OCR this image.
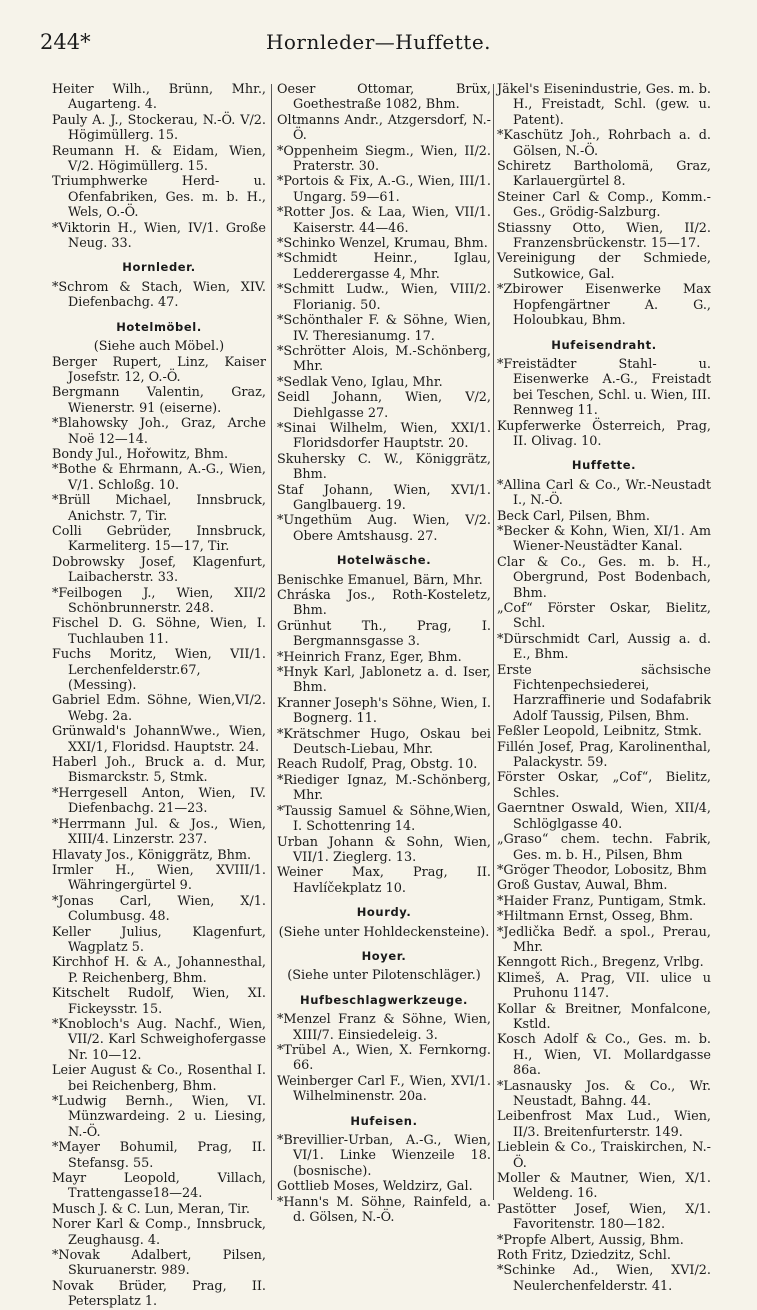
244*	Hornleder—Huffette.
Heiter Wilh., Brünn, Mhr., Augarteng. 4.
Pauly A. J., Stockerau, N.-Ö. V/2. Högimüllerg. 15.
Reumann H. & Eidam, Wien, V/2. Högimüllerg. 15.
Triumphwerke Herd- u. Ofenfabriken, Ges. m. b. H., Wels, O.-Ö.
*Viktorin H., Wien, IV/1. Große Neug. 33.
Hornleder.
*Schrom & Stach, Wien, XIV. Diefenbachg. 47.
Hotelmöbel.
(Siehe auch Möbel.)
Berger Rupert, Linz, Kaiser Josefstr. 12, O.-Ö.
Bergmann Valentin, Graz, Wienerstr. 91 (eiserne).
*Blahowsky Joh., Graz, Arche Noë 12—14.
Bondy Jul., Hořowitz, Bhm.
*Bothe & Ehrmann, A.-G., Wien, V/1. Schloßg. 10.
*Brüll Michael, Innsbruck, Anichstr. 7, Tir.
Colli Gebrüder, Innsbruck, Karmeliterg. 15—17, Tir.
Dobrowsky Josef, Klagenfurt, Laibacherstr. 33.
*Feilbogen J., Wien, XII/2 Schönbrunnerstr. 248.
Fischel D. G. Söhne, Wien, I. Tuchlauben 11.
Fuchs Moritz, Wien, VII/1. Lerchenfelderstr.67,(Messing).
Gabriel Edm. Söhne, Wien,VI/2. Webg. 2a.
Grünwald's JohannWwe., Wien, XXI/1, Floridsd. Hauptstr. 24.
Haberl Joh., Bruck a. d. Mur, Bismarckstr. 5, Stmk.
*Herrgesell Anton, Wien, IV. Diefenbachg. 21—23.
*Herrmann Jul. & Jos., Wien, XIII/4. Linzerstr. 237.
Hlavaty Jos., Königgrätz, Bhm.
Irmler H., Wien, XVIII/1. Währingergürtel 9.
*Jonas Carl, Wien, X/1. Columbusg. 48.
Keller Julius, Klagenfurt, Wagplatz 5.
Kirchhof H. & A., Johannesthal, P. Reichenberg, Bhm.
Kitschelt Rudolf, Wien, XI. Fickeysstr. 15.
*Knobloch's Aug. Nachf., Wien, VII/2. Karl Schweighofergasse Nr. 10—12.
Leier August & Co., Rosenthal I. bei Reichenberg, Bhm.
*Ludwig Bernh., Wien, VI. Münzwardeing. 2 u. Liesing, N.-Ö.
*Mayer Bohumil, Prag, II. Stefansg. 55.
Mayr Leopold, Villach, Trattengasse18—24.
Musch J. & C. Lun, Meran, Tir.
Norer Karl & Comp., Innsbruck, Zeughausg. 4.
*Novak Adalbert, Pilsen, Skuruanerstr. 989.
Novak Brüder, Prag, II. Petersplatz 1.
Oeser Ottomar, Brüx, Goethestraße 1082, Bhm.
Oltmanns Andr., Atzgersdorf, N.-Ö.
*Oppenheim Siegm., Wien, II/2. Praterstr. 30.
*Portois & Fix, A.-G., Wien, III/1. Ungarg. 59—61.
*Rotter Jos. & Laa, Wien, VII/1. Kaiserstr. 44—46.
*Schinko Wenzel, Krumau, Bhm.
*Schmidt Heinr., Iglau, Ledderergasse 4, Mhr.
*Schmitt Ludw., Wien, VIII/2. Florianig. 50.
*Schönthaler F. & Söhne, Wien, IV. Theresianumg. 17.
*Schrötter Alois, M.-Schönberg, Mhr.
*Sedlak Veno, Iglau, Mhr.
Seidl Johann, Wien, V/2, Diehlgasse 27.
*Sinai Wilhelm, Wien, XXI/1. Floridsdorfer Hauptstr. 20.
Skuhersky C. W., Königgrätz, Bhm.
Staf Johann, Wien, XVI/1. Ganglbauerg. 19.
*Ungethüm Aug. Wien, V/2. Obere Amtshausg. 27.
Hotelwäsche.
Benischke Emanuel, Bärn, Mhr.
Chráska Jos., Roth-Kosteletz, Bhm.
Grünhut Th., Prag, I. Bergmannsgasse 3.
*Heinrich Franz, Eger, Bhm.
*Hnyk Karl, Jablonetz a. d. Iser, Bhm.
Kranner Joseph's Söhne, Wien, I. Bognerg. 11.
*Krätschmer Hugo, Oskau bei Deutsch-Liebau, Mhr.
Reach Rudolf, Prag, Obstg. 10.
*Riediger Ignaz, M.-Schönberg, Mhr.
*Taussig Samuel & Söhne,Wien, I. Schottenring 14.
Urban Johann & Sohn, Wien, VII/1. Zieglerg. 13.
Weiner Max, Prag, II. Havlíčekplatz 10.
Hourdy.
(Siehe unter Hohldeckensteine).
Hoyer.
(Siehe unter Pilotenschläger.)
Hufbeschlagwerkzeuge.
*Menzel Franz & Söhne, Wien, XIII/7. Einsiedeleig. 3.
*Trübel A., Wien, X. Fernkorng. 66.
Weinberger Carl F., Wien, XVI/1. Wilhelminenstr. 20a.
Hufeisen.
*Brevillier-Urban, A.-G., Wien, VI/1. Linke Wienzeile 18. (bosnische).
Gottlieb Moses, Weldzirz, Gal.
*Hann's M. Söhne, Rainfeld, a. d. Gölsen, N.-Ö.
Jäkel's Eisenindustrie, Ges. m. b. H., Freistadt, Schl. (gew. u. Patent).
*Kaschütz Joh., Rohrbach a. d. Gölsen, N.-Ö.
Schiretz Bartholomä, Graz, Karlauergürtel 8.
Steiner Carl & Comp., Komm.-Ges., Grödig-Salzburg.
Stiassny Otto, Wien, II/2. Franzensbrückenstr. 15—17.
Vereinigung der Schmiede, Sutkowice, Gal.
*Zbirower Eisenwerke Max Hopfengärtner A. G., Holoubkau, Bhm.
Hufeisendraht.
*Freistädter Stahl- u. Eisenwerke A.-G., Freistadt bei Teschen, Schl. u. Wien, III. Rennweg 11.
Kupferwerke Österreich, Prag, II. Olivag. 10.
Huffette.
*Allina Carl & Co., Wr.-Neustadt I., N.-Ö.
Beck Carl, Pilsen, Bhm.
*Becker & Kohn, Wien, XI/1. Am Wiener-Neustädter Kanal.
Clar & Co., Ges. m. b. H., Obergrund, Post Bodenbach, Bhm.
„Cof“ Förster Oskar, Bielitz, Schl.
*Dürschmidt Carl, Aussig a. d. E., Bhm.
Erste sächsische Fichtenpechsiederei, Harzraffinerie und Sodafabrik Adolf Taussig, Pilsen, Bhm.
Feßler Leopold, Leibnitz, Stmk.
Fillén Josef, Prag, Karolinenthal, Palackystr. 59.
Förster Oskar, „Cof“, Bielitz, Schles.
Gaerntner Oswald, Wien, XII/4, Schlöglgasse 40.
„Graso“ chem. techn. Fabrik, Ges. m. b. H., Pilsen, Bhm
*Gröger Theodor, Lobositz, Bhm
Groß Gustav, Auwal, Bhm.
*Haider Franz, Puntigam, Stmk.
*Hiltmann Ernst, Osseg, Bhm.
*Jedlička Bedř. a spol., Prerau, Mhr.
Kenngott Rich., Bregenz, Vrlbg.
Klimeš, A. Prag, VII. ulice u Pruhonu 1147.
Kollar & Breitner, Monfalcone, Kstld.
Kosch Adolf & Co., Ges. m. b. H., Wien, VI. Mollardgasse 86a.
*Lasnausky Jos. & Co., Wr. Neustadt, Bahng. 44.
Leibenfrost Max Lud., Wien, II/3. Breitenfurterstr. 149.
Lieblein & Co., Traiskirchen, N.-Ö.
Moller & Mautner, Wien, X/1. Weldeng. 16.
Pastötter Josef, Wien, X/1. Favoritenstr. 180—182.
*Propfe Albert, Aussig, Bhm.
Roth Fritz, Dziedzitz, Schl.
*Schinke Ad., Wien, XVI/2. Neulerchenfelderstr. 41.
